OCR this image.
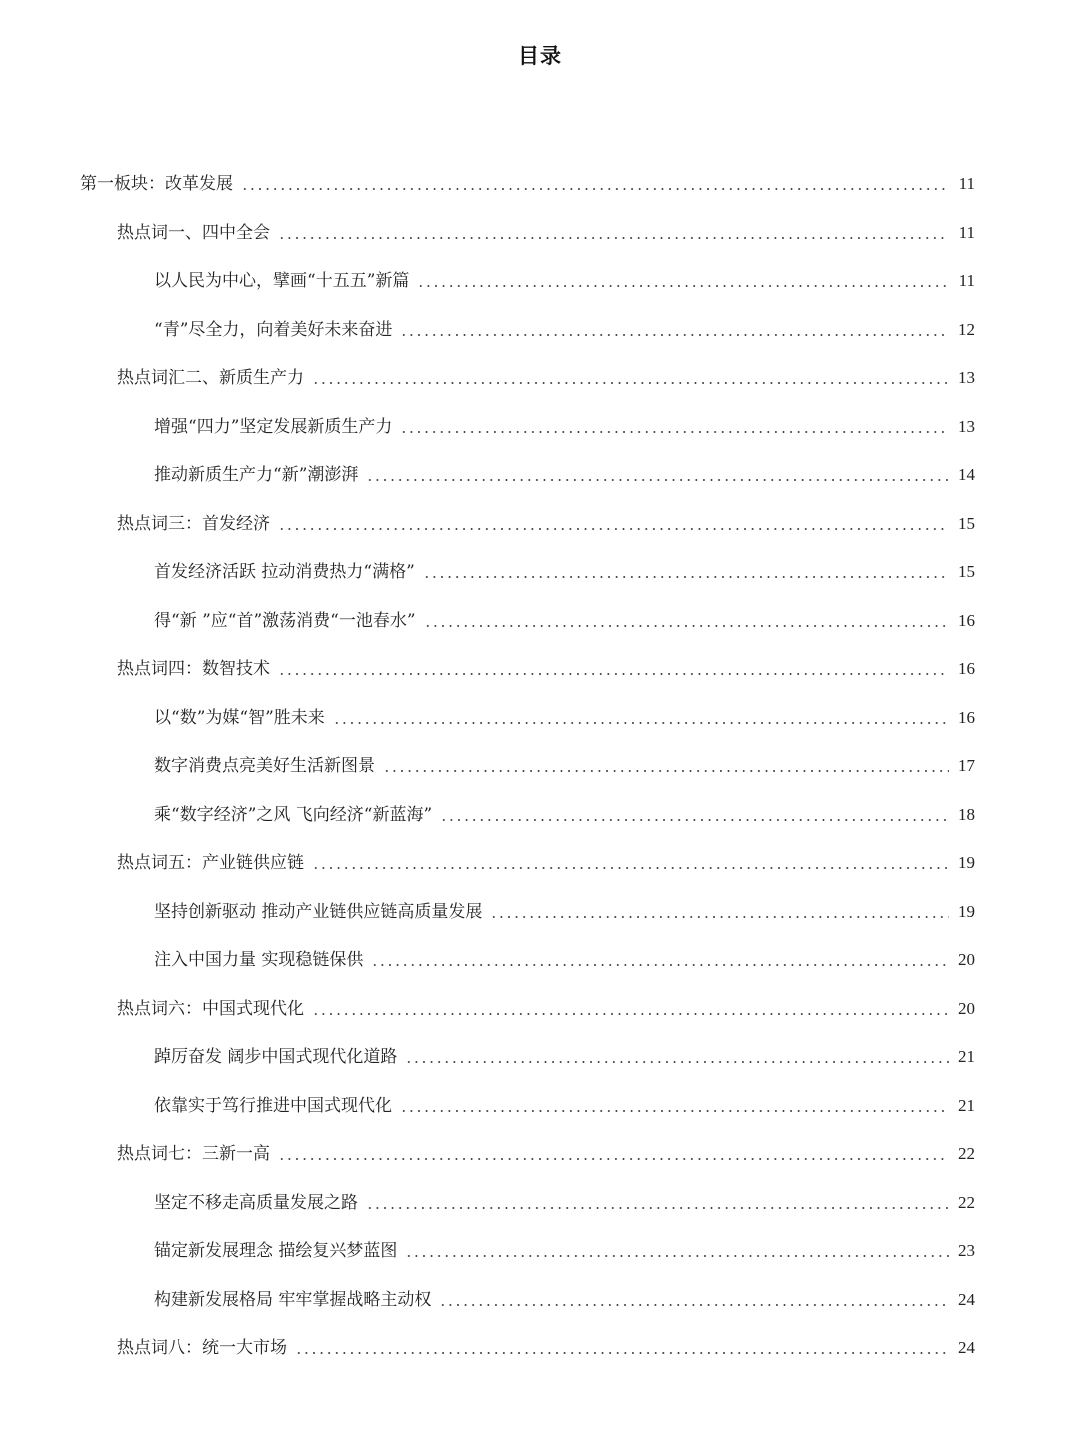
目录
第一板块：改革发展	11
热点词一、四中全会	11
以人民为中心，擘画“十五五”新篇	11
“青”尽全力，向着美好未来奋进	12
热点词汇二、新质生产力	13
增强“四力”坚定发展新质生产力	13
推动新质生产力“新”潮澎湃	14
热点词三：首发经济	15
首发经济活跃 拉动消费热力“满格”	15
得“新 ”应“首”激荡消费“一池春水”	16
热点词四：数智技术	16
以“数”为媒“智”胜未来	16
数字消费点亮美好生活新图景	17
乘“数字经济”之风 飞向经济“新蓝海”	18
热点词五：产业链供应链	19
坚持创新驱动 推动产业链供应链高质量发展	19
注入中国力量 实现稳链保供	20
热点词六：中国式现代化	20
踔厉奋发 阔步中国式现代化道路	21
依靠实于笃行推进中国式现代化	21
热点词七：三新一高	22
坚定不移走高质量发展之路	22
锚定新发展理念 描绘复兴梦蓝图	23
构建新发展格局 牢牢掌握战略主动权	24
热点词八：统一大市场	24
